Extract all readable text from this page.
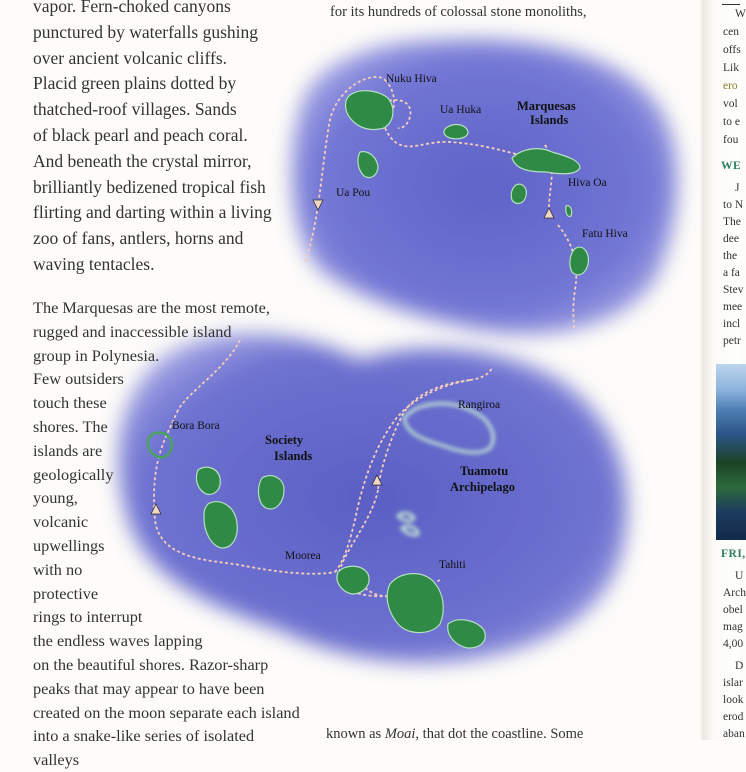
for its hundreds of colossal stone monoliths,
Nuku Hiva
Ua Huka	Marquesas
Islands
Ua Pou
Hiva Oa
Fatu Hiva
Bora Bora
Society
Islands
Rangiroa
Tuamotu
Archipelago
Moorea
Tahiti

vapor. Fern-choked canyons

punctured by waterfalls gushing

over ancient volcanic cliffs.

Placid green plains dotted by

thatched-roof villages. Sands

of black pearl and peach coral.

And beneath the crystal mirror,

brilliantly bedizened tropical fish

flirting and darting within a living

zoo of fans, antlers, horns and

waving tentacles.

The Marquesas are the most remote,

rugged and inaccessible island

group in Polynesia.

Few outsiders

touch these

shores. The

islands are

geologically

young,

volcanic

upwellings

with no

protective

rings to interrupt

the endless waves lapping

on the beautiful shores. Razor-sharp

peaks that may appear to have been

created on the moon separate each island

into a snake-like series of isolated valleys

known as Moai, that dot the coastline. Some
W
cen
offs
Lik
ero
vol
to e
fou
WE
J
to N
The
dee
the
a fa
Stev
mee
incl
petr
FRI,
U
Arch
obel
mag
4,00
D
islar
look
erod
aban
